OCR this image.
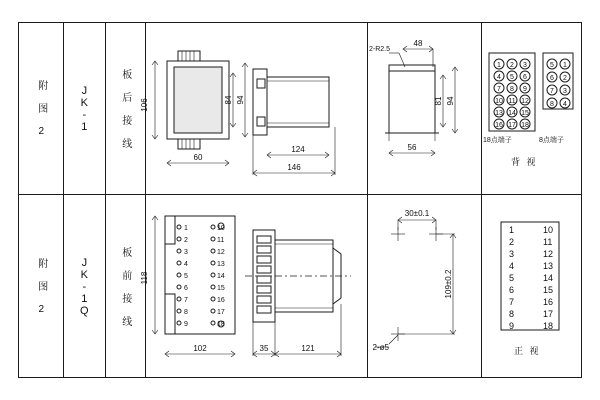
附 图 2	JK-1	板 后 接 线	106	84 94
60
124
146
2-R2.5
48
81 94
56
1 2 3
4 5 6
7 8 9
10 11 12
13 14 15
16 17 18
5 1
6 2
7 3
8 4
18点端子	8点端子
背 视
附 图 2	JK-1Q	板 前 接 线
1
2
3
4
5
6
7
8
9
10
11
12
13
14
15
16
17
18
118
102	35	121
30±0.1
109±0.2
2-ø5
1	10
2	11
3	12
4	13
5	14
6	15
7	16
8	17
9	18
正 视
